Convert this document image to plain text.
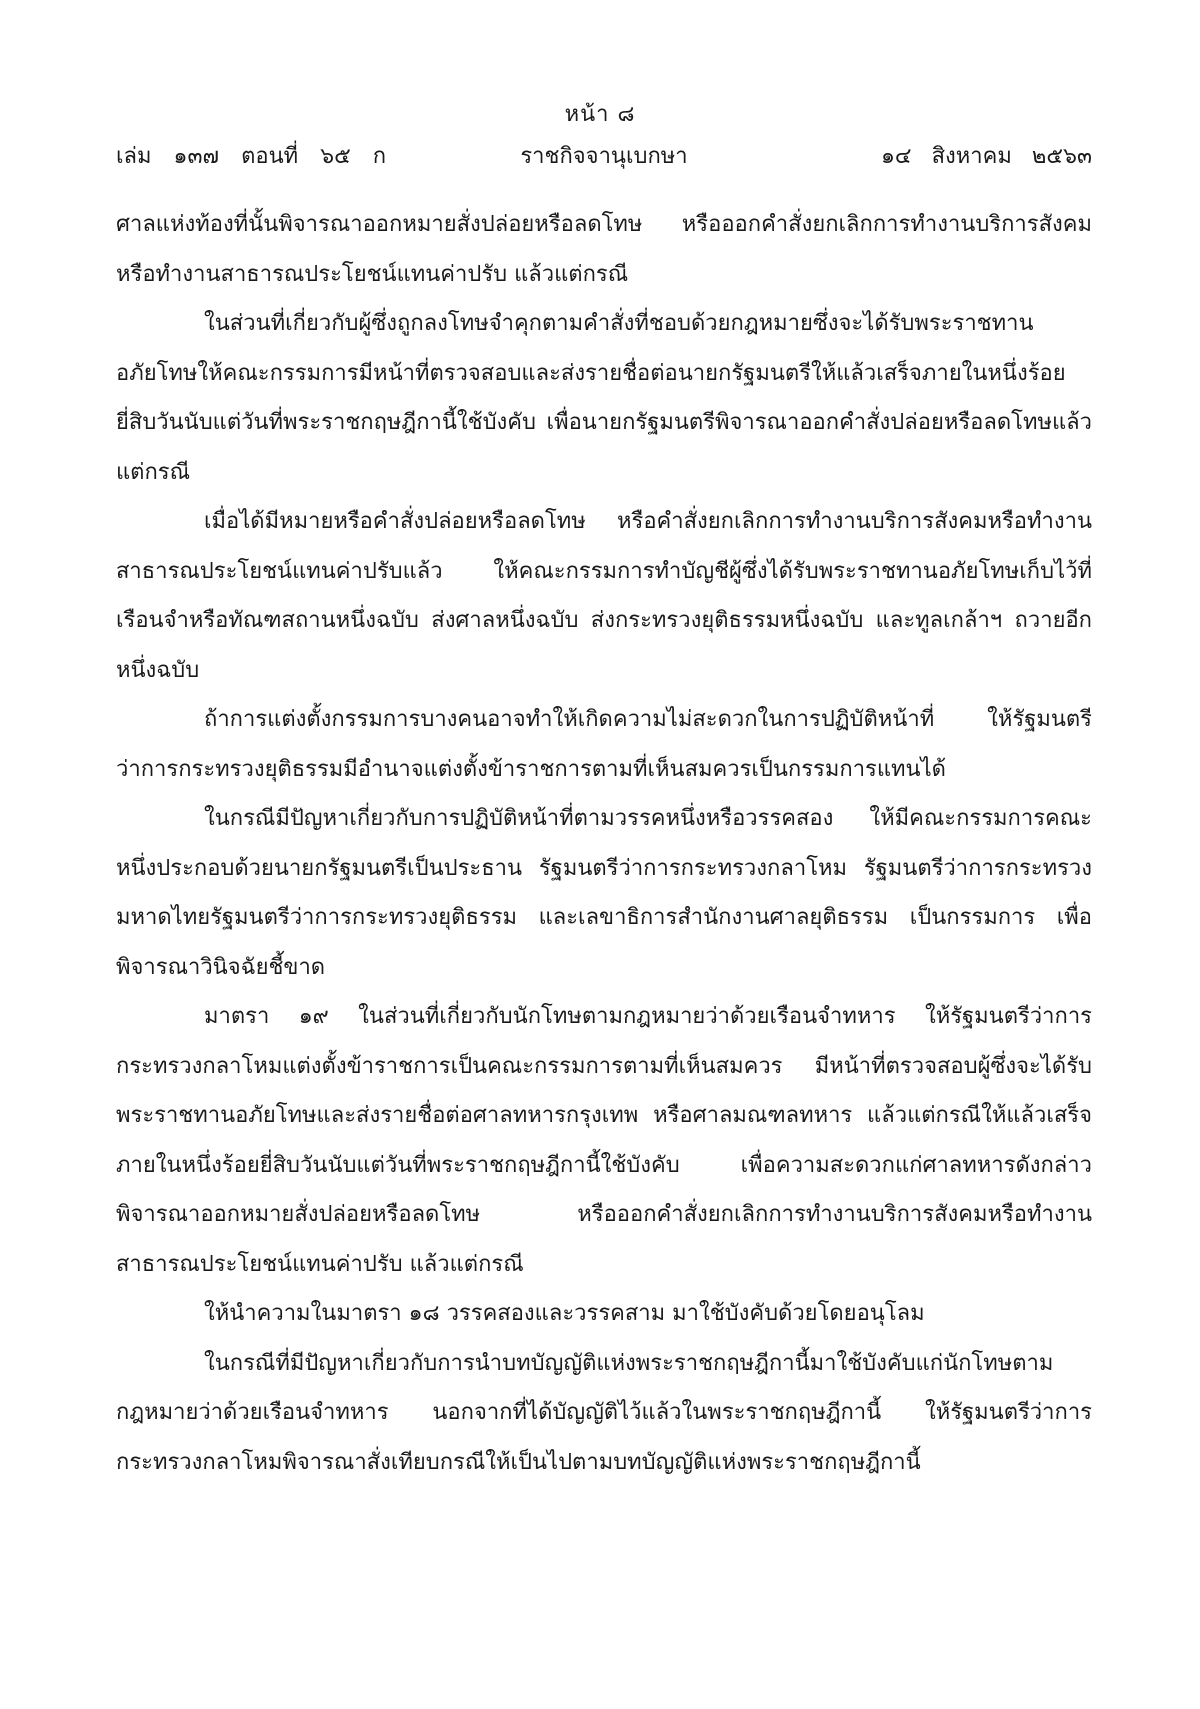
หน้า ๘
ราชกิจจานุเบกษา
เล่ม ๑๓๗ ตอนที่ ๖๕ ก	๑๔ สิงหาคม ๒๕๖๓

ศาลแห่งท้องที่นั้นพิจารณาออกหมายสั่งปล่อยหรือลดโทษ หรือออกคำสั่งยกเลิกการทำงานบริการสังคมหรือทำงานสาธารณประโยชน์แทนค่าปรับ แล้วแต่กรณี

ในส่วนที่เกี่ยวกับผู้ซึ่งถูกลงโทษจำคุกตามคำสั่งที่ชอบด้วยกฎหมายซึ่งจะได้รับพระราชทานอภัยโทษให้คณะกรรมการมีหน้าที่ตรวจสอบและส่งรายชื่อต่อนายกรัฐมนตรีให้แล้วเสร็จภายในหนึ่งร้อยยี่สิบวันนับแต่วันที่พระราชกฤษฎีกานี้ใช้บังคับ เพื่อนายกรัฐมนตรีพิจารณาออกคำสั่งปล่อยหรือลดโทษแล้วแต่กรณี

เมื่อได้มีหมายหรือคำสั่งปล่อยหรือลดโทษ หรือคำสั่งยกเลิกการทำงานบริการสังคมหรือทำงานสาธารณประโยชน์แทนค่าปรับแล้ว ให้คณะกรรมการทำบัญชีผู้ซึ่งได้รับพระราชทานอภัยโทษเก็บไว้ที่เรือนจำหรือทัณฑสถานหนึ่งฉบับ ส่งศาลหนึ่งฉบับ ส่งกระทรวงยุติธรรมหนึ่งฉบับ และทูลเกล้าฯ ถวายอีกหนึ่งฉบับ

ถ้าการแต่งตั้งกรรมการบางคนอาจทำให้เกิดความไม่สะดวกในการปฏิบัติหน้าที่ ให้รัฐมนตรีว่าการกระทรวงยุติธรรมมีอำนาจแต่งตั้งข้าราชการตามที่เห็นสมควรเป็นกรรมการแทนได้

ในกรณีมีปัญหาเกี่ยวกับการปฏิบัติหน้าที่ตามวรรคหนึ่งหรือวรรคสอง ให้มีคณะกรรมการคณะหนึ่งประกอบด้วยนายกรัฐมนตรีเป็นประธาน รัฐมนตรีว่าการกระทรวงกลาโหม รัฐมนตรีว่าการกระทรวงมหาดไทยรัฐมนตรีว่าการกระทรวงยุติธรรม และเลขาธิการสำนักงานศาลยุติธรรม เป็นกรรมการ เพื่อพิจารณาวินิจฉัยชี้ขาด

มาตรา ๑๙ ในส่วนที่เกี่ยวกับนักโทษตามกฎหมายว่าด้วยเรือนจำทหาร ให้รัฐมนตรีว่าการกระทรวงกลาโหมแต่งตั้งข้าราชการเป็นคณะกรรมการตามที่เห็นสมควร มีหน้าที่ตรวจสอบผู้ซึ่งจะได้รับพระราชทานอภัยโทษและส่งรายชื่อต่อศาลทหารกรุงเทพ หรือศาลมณฑลทหาร แล้วแต่กรณีให้แล้วเสร็จภายในหนึ่งร้อยยี่สิบวันนับแต่วันที่พระราชกฤษฎีกานี้ใช้บังคับ เพื่อความสะดวกแก่ศาลทหารดังกล่าวพิจารณาออกหมายสั่งปล่อยหรือลดโทษ หรือออกคำสั่งยกเลิกการทำงานบริการสังคมหรือทำงานสาธารณประโยชน์แทนค่าปรับ แล้วแต่กรณี

ให้นำความในมาตรา ๑๘ วรรคสองและวรรคสาม มาใช้บังคับด้วยโดยอนุโลม

ในกรณีที่มีปัญหาเกี่ยวกับการนำบทบัญญัติแห่งพระราชกฤษฎีกานี้มาใช้บังคับแก่นักโทษตามกฎหมายว่าด้วยเรือนจำทหาร นอกจากที่ได้บัญญัติไว้แล้วในพระราชกฤษฎีกานี้ ให้รัฐมนตรีว่าการกระทรวงกลาโหมพิจารณาสั่งเทียบกรณีให้เป็นไปตามบทบัญญัติแห่งพระราชกฤษฎีกานี้
